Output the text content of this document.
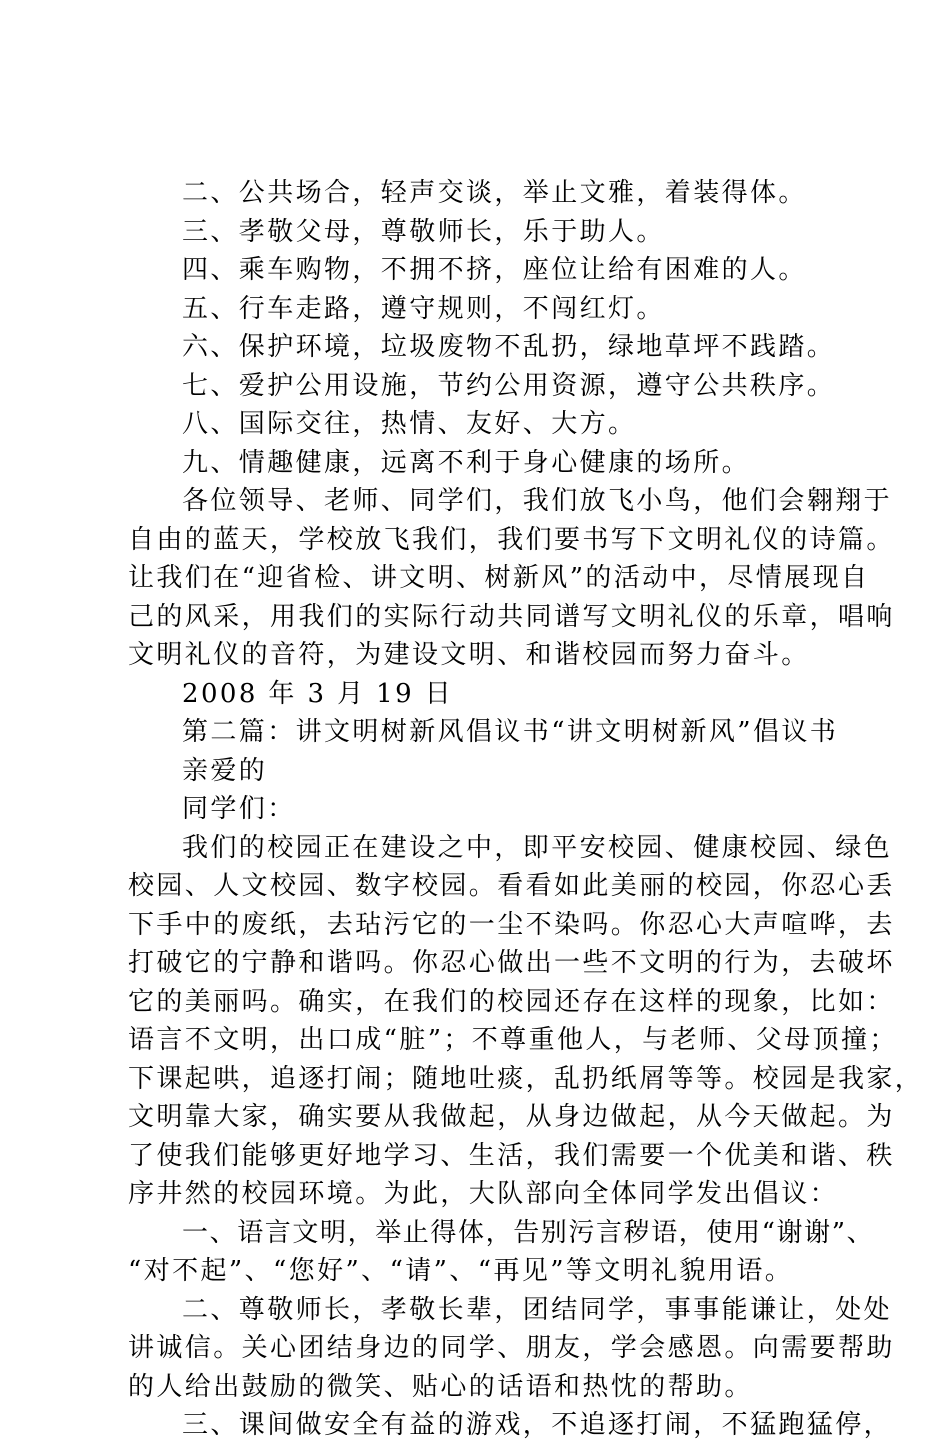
二、公共场合，轻声交谈，举止文雅，着装得体。
三、孝敬父母，尊敬师长，乐于助人。
四、乘车购物，不拥不挤，座位让给有困难的人。
五、行车走路，遵守规则，不闯红灯。
六、保护环境，垃圾废物不乱扔，绿地草坪不践踏。
七、爱护公用设施，节约公用资源，遵守公共秩序。
八、国际交往，热情、友好、大方。
九、情趣健康，远离不利于身心健康的场所。
各位领导、老师、同学们，我们放飞小鸟，他们会翱翔于
自由的蓝天，学校放飞我们，我们要书写下文明礼仪的诗篇。
让我们在“迎省检、讲文明、树新风”的活动中，尽情展现自
己的风采，用我们的实际行动共同谱写文明礼仪的乐章，唱响
文明礼仪的音符，为建设文明、和谐校园而努力奋斗。
2008 年 3 月 19 日
第二篇：讲文明树新风倡议书“讲文明树新风”倡议书
亲爱的
同学们：
我们的校园正在建设之中，即平安校园、健康校园、绿色
校园、人文校园、数字校园。看看如此美丽的校园，你忍心丢
下手中的废纸，去玷污它的一尘不染吗。你忍心大声喧哗，去
打破它的宁静和谐吗。你忍心做出一些不文明的行为，去破坏
它的美丽吗。确实，在我们的校园还存在这样的现象，比如：
语言不文明，出口成“脏”；不尊重他人，与老师、父母顶撞；
下课起哄，追逐打闹；随地吐痰，乱扔纸屑等等。校园是我家，
文明靠大家，确实要从我做起，从身边做起，从今天做起。为
了使我们能够更好地学习、生活，我们需要一个优美和谐、秩
序井然的校园环境。为此，大队部向全体同学发出倡议：
一、语言文明，举止得体，告别污言秽语，使用“谢谢”、
“对不起”、“您好”、“请”、“再见”等文明礼貌用语。
二、尊敬师长，孝敬长辈，团结同学，事事能谦让，处处
讲诚信。关心团结身边的同学、朋友，学会感恩。向需要帮助
的人给出鼓励的微笑、贴心的话语和热忱的帮助。
三、课间做安全有益的游戏，不追逐打闹，不猛跑猛停，
